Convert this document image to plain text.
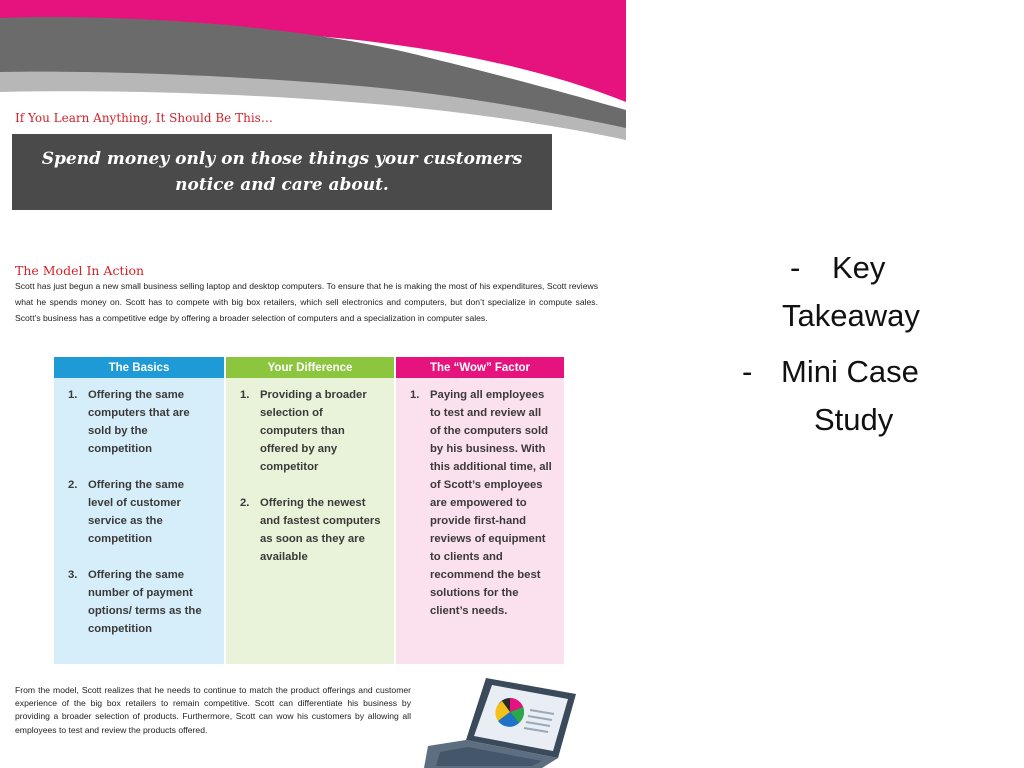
If You Learn Anything, It Should Be This…
Spend money only on those things your customers notice and care about.
The Model In Action
Scott has just begun a new small business selling laptop and desktop computers. To ensure that he is making the most of his expenditures, Scott reviews what he spends money on. Scott has to compete with big box retailers, which sell electronics and computers, but don’t specialize in compute sales. Scott’s business has a competitive edge by offering a broader selection of computers and a specialization in computer sales.
The Basics
1. Offering the same computers that are sold by the competition
2. Offering the same level of customer service as the competition
3. Offering the same number of payment options/ terms as the competition
Your Difference
1. Providing a broader selection of computers than offered by any competitor
2. Offering the newest and fastest computers as soon as they are available
The “Wow” Factor
1. Paying all employees to test and review all of the computers sold by his business. With this additional time, all of Scott’s employees are empowered to provide first-hand reviews of equipment to clients and recommend the best solutions for the client’s needs.
From the model, Scott realizes that he needs to continue to match the product offerings and customer experience of the big box retailers to remain competitive. Scott can differentiate his business by providing a broader selection of products. Furthermore, Scott can wow his customers by allowing all employees to test and review the products offered.
- Key
Takeaway
- Mini Case
Study
